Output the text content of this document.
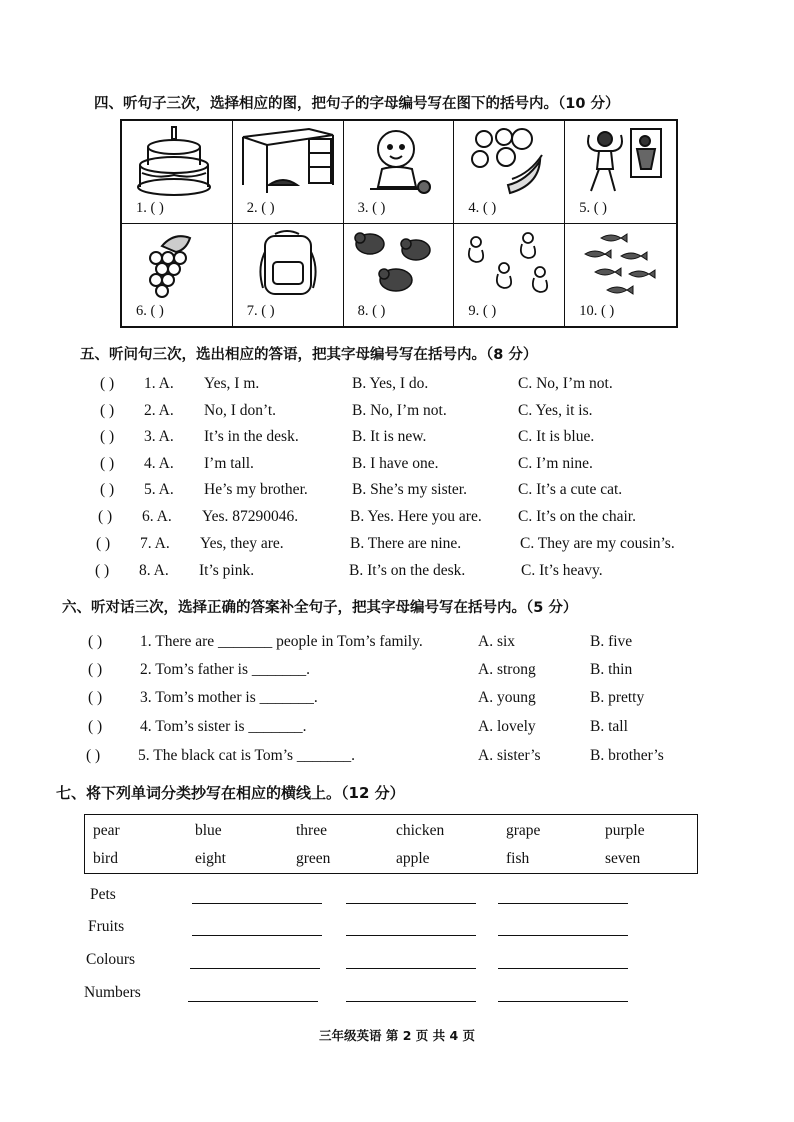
四、听句子三次，选择相应的图，把句子的字母编号写在图下的括号内。（10 分）
1. ( )	2. ( )	3. ( )	4. ( )	5. ( )
6. ( )	7. ( )	8. ( )	9. ( )	10. ( )
五、听问句三次，选出相应的答语，把其字母编号写在括号内。（8 分）
( ) 1. A. Yes, I m.	B. Yes, I do.	C. No, I’m not.
( ) 2. A. No, I don’t.	B. No, I’m not.	C. Yes, it is.
( ) 3. A. It’s in the desk.	B. It is new.	C. It is blue.
( ) 4. A. I’m tall.	B. I have one.	C. I’m nine.
( ) 5. A. He’s my brother.	B. She’s my sister.	C. It’s a cute cat.
( ) 6. A. Yes. 87290046.	B. Yes. Here you are. C. It’s on the chair.
( ) 7. A. Yes, they are.	B. There are nine.	C. They are my cousin’s.
( ) 8. A. It’s pink.	B. It’s on the desk.	C. It’s heavy.
六、听对话三次，选择正确的答案补全句子，把其字母编号写在括号内。（5 分）
( ) 1. There are _______ people in Tom’s family.	A. six	B. five
( ) 2. Tom’s father is _______.	A. strong	B. thin
( ) 3. Tom’s mother is _______.	A. young	B. pretty
( ) 4. Tom’s sister is _______.	A. lovely	B. tall
( ) 5. The black cat is Tom’s _______.	A. sister’s	B. brother’s
七、将下列单词分类抄写在相应的横线上。（12 分）
pear	blue	three	chicken	grape	purple
bird	eight	green	apple	fish	seven
Pets
Fruits
Colours
Numbers
三年级英语 第 2 页 共 4 页
